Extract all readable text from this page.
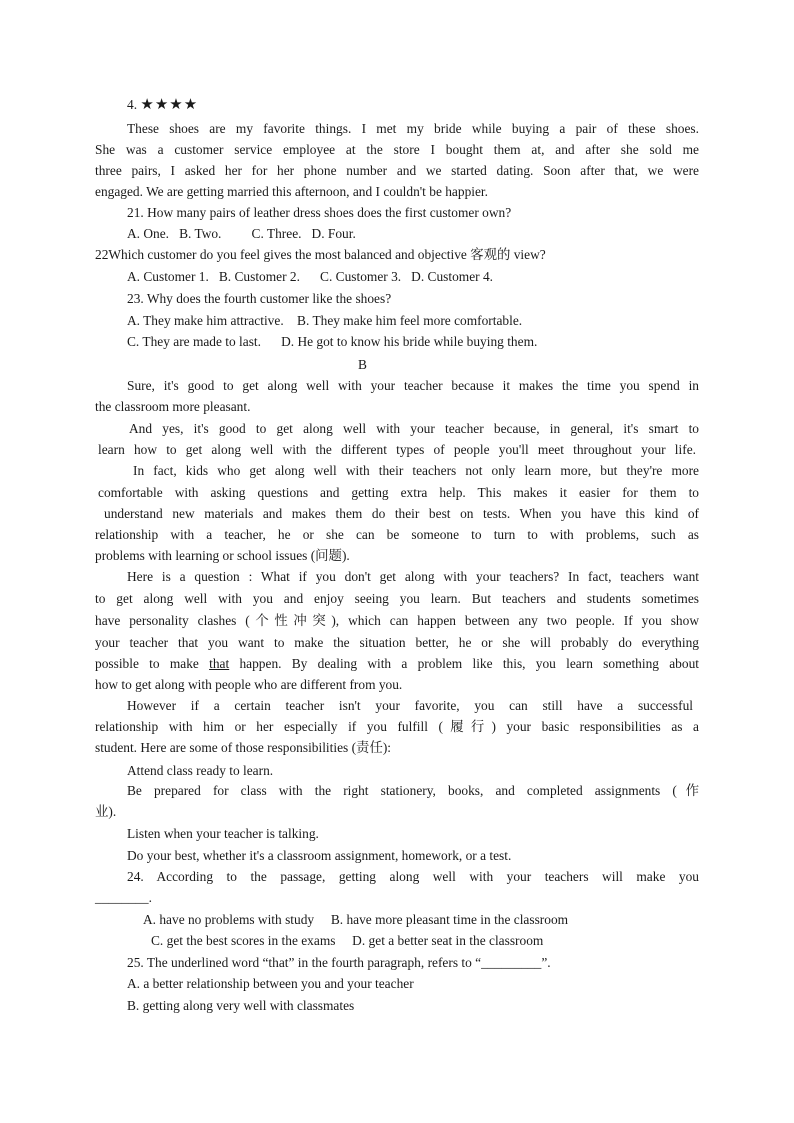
4. ★★★★
These shoes are my favorite things. I met my bride while buying a pair of these shoes.
She was a customer service employee at the store I bought them at, and after she sold me
three pairs, I asked her for her phone number and we started dating. Soon after that, we were
engaged. We are getting married this afternoon, and I couldn't be happier.
21. How many pairs of leather dress shoes does the first customer own?
A. One.   B. Two.         C. Three.   D. Four.
22Which customer do you feel gives the most balanced and objective 客观的 view?
A. Customer 1.   B. Customer 2.      C. Customer 3.   D. Customer 4.
23. Why does the fourth customer like the shoes?
A. They make him attractive.    B. They make him feel more comfortable.
C. They are made to last.      D. He got to know his bride while buying them.
B
Sure, it's good to get along well with your teacher because it makes the time you spend in
the classroom more pleasant.
And yes, it's good to get along well with your teacher because, in general, it's smart to
learn how to get along well with the different types of people you'll meet throughout your life.
In fact, kids who get along well with their teachers not only learn more, but they're more
comfortable with asking questions and getting extra help. This makes it easier for them to
understand new materials and makes them do their best on tests. When you have this kind of
relationship with a teacher, he or she can be someone to turn to with problems, such as
problems with learning or school issues (问题).
Here is a question : What if you don't get along with your teachers? In fact, teachers want
to get along well with you and enjoy seeing you learn. But teachers and students sometimes
have personality clashes (个性冲突), which can happen between any two people. If you show
your teacher that you want to make the situation better, he or she will probably do everything
possible to make that happen. By dealing with a problem like this, you learn something about
how to get along with people who are different from you.
However if a certain teacher isn't your favorite, you can still have a successful
relationship with him or her especially if you fulfill (履行) your basic responsibilities as a
student. Here are some of those responsibilities (责任):
Attend class ready to learn.
Be prepared for class with the right stationery, books, and completed assignments (作
业).
Listen when your teacher is talking.
Do your best, whether it's a classroom assignment, homework, or a test.
24. According to the passage, getting along well with your teachers will make you
________.
A. have no problems with study     B. have more pleasant time in the classroom
C. get the best scores in the exams     D. get a better seat in the classroom
25. The underlined word “that” in the fourth paragraph, refers to “_________”.
A. a better relationship between you and your teacher
B. getting along very well with classmates
